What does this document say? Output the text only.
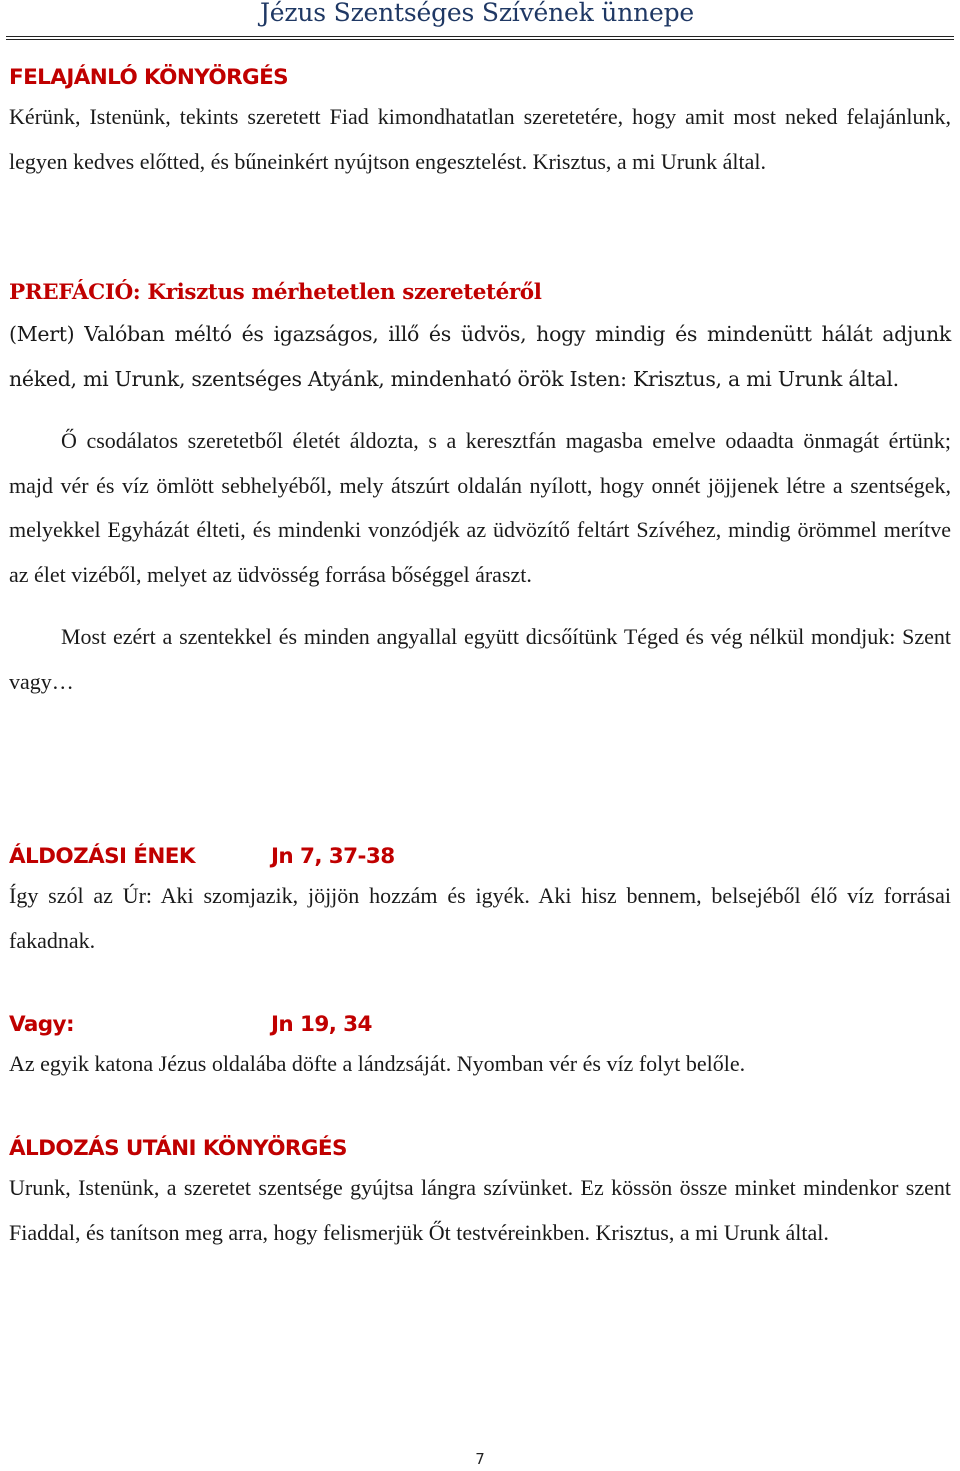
Jézus Szentséges Szívének ünnepe
FELAJÁNLÓ KÖNYÖRGÉS

Kérünk, Istenünk, tekints szeretett Fiad kimondhatatlan szeretetére, hogy amit most neked felajánlunk, legyen kedves előtted, és bűneinkért nyújtson engesztelést. Krisztus, a mi Urunk által.

PREFÁCIÓ: Krisztus mérhetetlen szeretetéről

(Mert) Valóban méltó és igazságos, illő és üdvös, hogy mindig és mindenütt hálát adjunk néked, mi Urunk, szentséges Atyánk, mindenható örök Isten: Krisztus, a mi Urunk által.

Ő csodálatos szeretetből életét áldozta, s a keresztfán magasba emelve odaadta önmagát értünk; majd vér és víz ömlött sebhelyéből, mely átszúrt oldalán nyílott, hogy onnét jöjjenek létre a szentségek, melyekkel Egyházát élteti, és mindenki vonzódjék az üdvözítő feltárt Szívéhez, mindig örömmel merítve az élet vizéből, melyet az üdvösség forrása bőséggel áraszt.

Most ezért a szentekkel és minden angyallal együtt dicsőítünk Téged és vég nélkül mondjuk: Szent vagy…

ÁLDOZÁSI ÉNEK	Jn 7, 37-38

Így szól az Úr: Aki szomjazik, jöjjön hozzám és igyék. Aki hisz bennem, belsejéből élő víz forrásai fakadnak.

Vagy:	Jn 19, 34

Az egyik katona Jézus oldalába döfte a lándzsáját. Nyomban vér és víz folyt belőle.

ÁLDOZÁS UTÁNI KÖNYÖRGÉS

Urunk, Istenünk, a szeretet szentsége gyújtsa lángra szívünket. Ez kössön össze minket mindenkor szent Fiaddal, és tanítson meg arra, hogy felismerjük Őt testvéreinkben. Krisztus, a mi Urunk által.

7
